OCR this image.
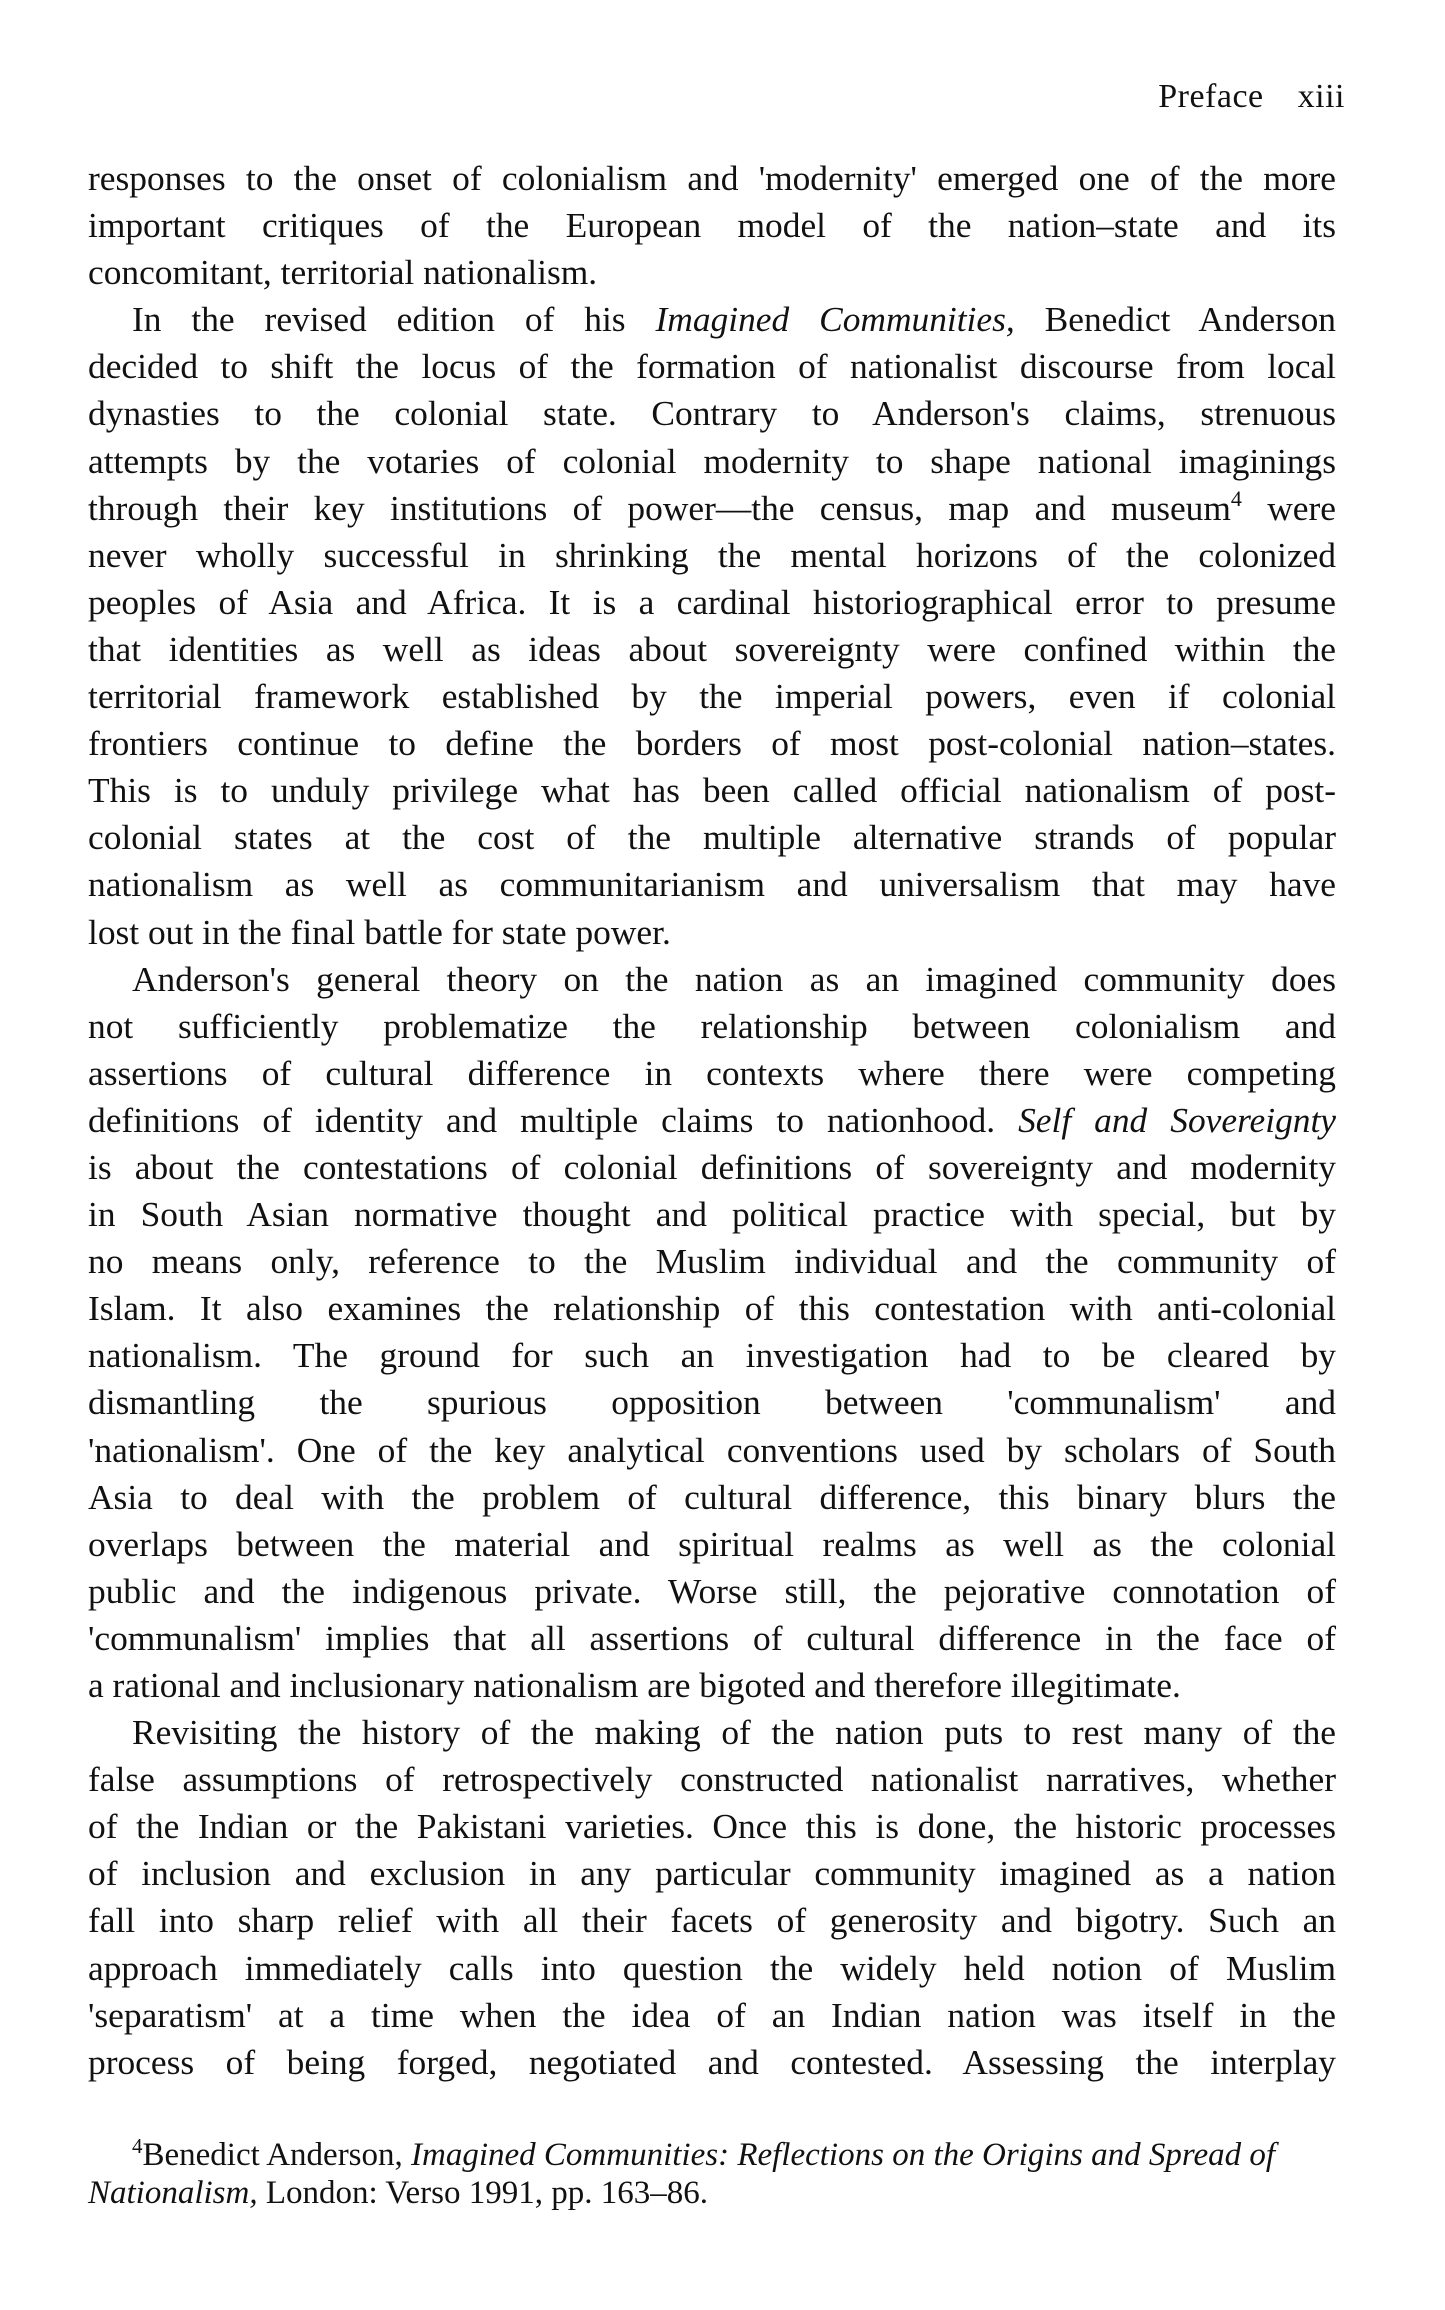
Preface xiii
responses to the onset of colonialism and 'modernity' emerged one of the more
important critiques of the European model of the nation–state and its
concomitant, territorial nationalism.
In the revised edition of his Imagined Communities, Benedict Anderson
decided to shift the locus of the formation of nationalist discourse from local
dynasties to the colonial state. Contrary to Anderson's claims, strenuous
attempts by the votaries of colonial modernity to shape national imaginings
through their key institutions of power—the census, map and museum$^4$ were
never wholly successful in shrinking the mental horizons of the colonized
peoples of Asia and Africa. It is a cardinal historiographical error to presume
that identities as well as ideas about sovereignty were confined within the
territorial framework established by the imperial powers, even if colonial
frontiers continue to define the borders of most post-colonial nation–states.
This is to unduly privilege what has been called official nationalism of post-
colonial states at the cost of the multiple alternative strands of popular
nationalism as well as communitarianism and universalism that may have
lost out in the final battle for state power.
Anderson's general theory on the nation as an imagined community does
not sufficiently problematize the relationship between colonialism and
assertions of cultural difference in contexts where there were competing
definitions of identity and multiple claims to nationhood. Self and Sovereignty
is about the contestations of colonial definitions of sovereignty and modernity
in South Asian normative thought and political practice with special, but by
no means only, reference to the Muslim individual and the community of
Islam. It also examines the relationship of this contestation with anti-colonial
nationalism. The ground for such an investigation had to be cleared by
dismantling the spurious opposition between 'communalism' and
'nationalism'. One of the key analytical conventions used by scholars of South
Asia to deal with the problem of cultural difference, this binary blurs the
overlaps between the material and spiritual realms as well as the colonial
public and the indigenous private. Worse still, the pejorative connotation of
'communalism' implies that all assertions of cultural difference in the face of
a rational and inclusionary nationalism are bigoted and therefore illegitimate.
Revisiting the history of the making of the nation puts to rest many of the
false assumptions of retrospectively constructed nationalist narratives, whether
of the Indian or the Pakistani varieties. Once this is done, the historic processes
of inclusion and exclusion in any particular community imagined as a nation
fall into sharp relief with all their facets of generosity and bigotry. Such an
approach immediately calls into question the widely held notion of Muslim
'separatism' at a time when the idea of an Indian nation was itself in the
process of being forged, negotiated and contested. Assessing the interplay
$^4$Benedict Anderson, Imagined Communities: Reflections on the Origins and Spread of
Nationalism, London: Verso 1991, pp. 163–86.
